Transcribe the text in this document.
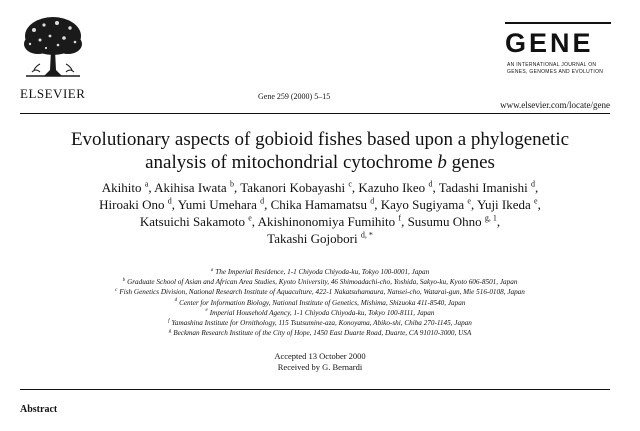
ELSEVIER	Gene 259 (2000) 5–15
GENE
AN INTERNATIONAL JOURNAL ON GENES, GENOMES AND EVOLUTION
www.elsevier.com/locate/gene
Evolutionary aspects of gobioid fishes based upon a phylogenetic
analysis of mitochondrial cytochrome b genes
Akihito $^a$, Akihisa Iwata $^b$, Takanori Kobayashi $^c$, Kazuho Ikeo $^d$, Tadashi Imanishi $^d$,
Hiroaki Ono $^d$, Yumi Umehara $^d$, Chika Hamamatsu $^d$, Kayo Sugiyama $^e$, Yuji Ikeda $^e$,
Katsuichi Sakamoto $^e$, Akishinonomiya Fumihito $^f$, Susumu Ohno $^{g, 1}$,
Takashi Gojobori $^{d, *}$
$^a$ The Imperial Residence, 1-1 Chiyoda Chiyoda-ku, Tokyo 100-0001, Japan
$^b$ Graduate School of Asian and African Area Studies, Kyoto University, 46 Shimoadachi-cho, Yoshida, Sakyo-ku, Kyoto 606-8501, Japan
$^c$ Fish Genetics Division, National Research Institute of Aquaculture, 422-1 Nakatsuhamaura, Nansei-cho, Watarai-gun, Mie 516-0108, Japan
$^d$ Center for Information Biology, National Institute of Genetics, Mishima, Shizuoka 411-8540, Japan
$^e$ Imperial Household Agency, 1-1 Chiyoda Chiyoda-ku, Tokyo 100-8111, Japan
$^f$ Yamashina Institute for Ornithology, 115 Tsutsumine-aza, Konoyama, Abiko-shi, Chiba 270-1145, Japan
$^g$ Beckman Research Institute of the City of Hope, 1450 East Duarte Road, Duarte, CA 91010-3000, USA
Accepted 13 October 2000
Received by G. Bernardi
Abstract
